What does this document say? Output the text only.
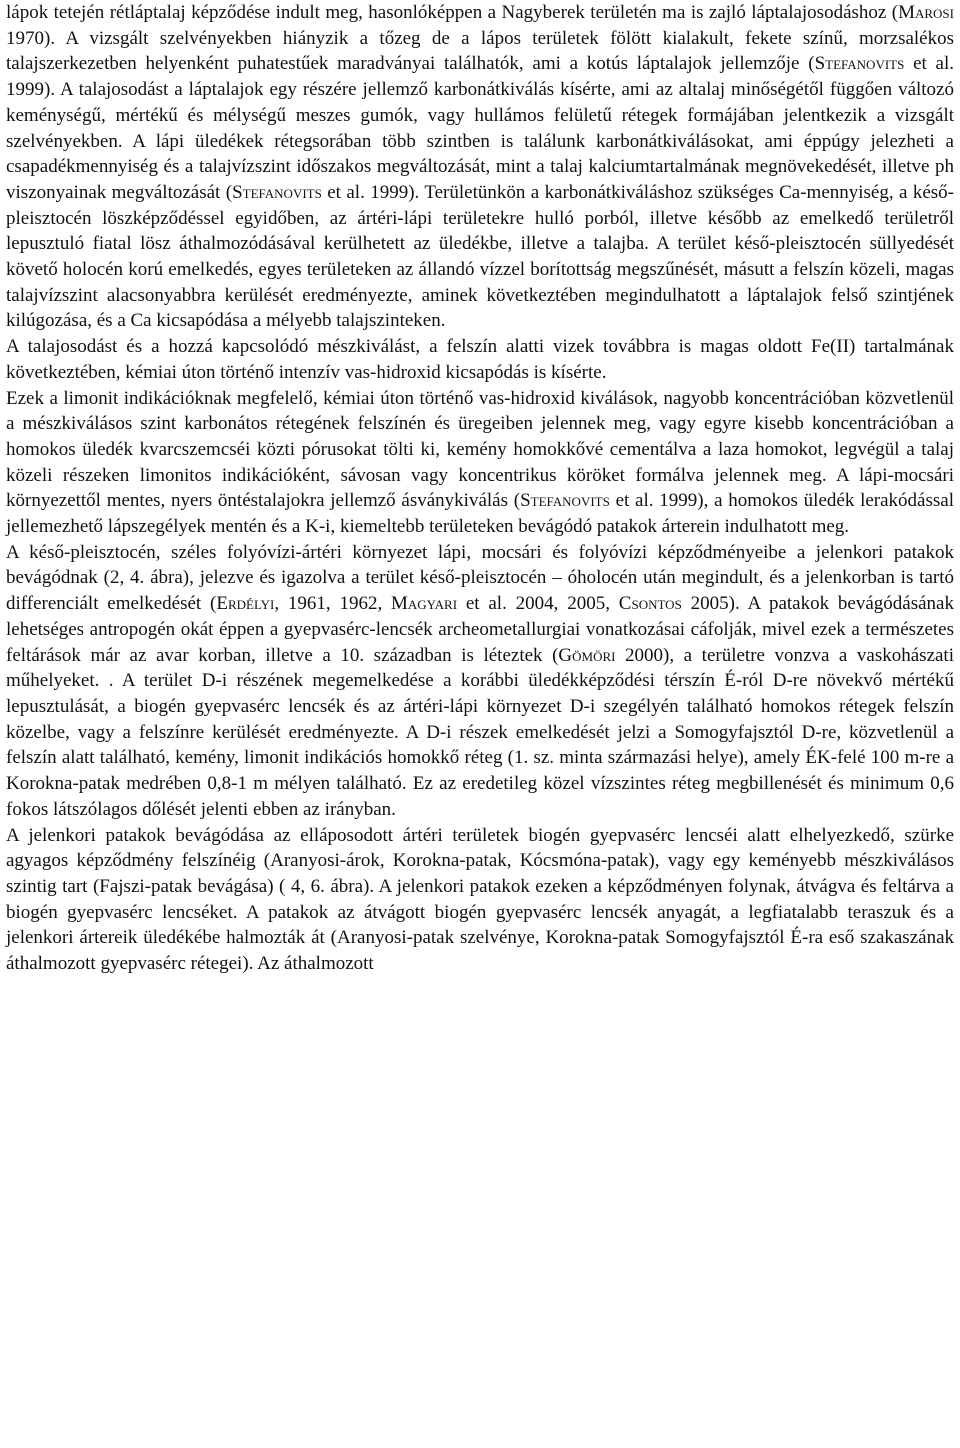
lápok tetején rétláptalaj képződése indult meg, hasonlóképpen a Nagyberek területén ma is zajló láptalajosodáshoz (Marosi 1970). A vizsgált szelvényekben hiányzik a tőzeg de a lápos területek fölött kialakult, fekete színű, morzsalékos talajszerkezetben helyenként puhatestűek maradványai találhatók, ami a kotús láptalajok jellemzője (Stefanovits et al. 1999). A talajosodást a láptalajok egy részére jellemző karbonátkiválás kísérte, ami az altalaj minőségétől függően változó keménységű, mértékű és mélységű meszes gumók, vagy hullámos felületű rétegek formájában jelentkezik a vizsgált szelvényekben. A lápi üledékek rétegsorában több szintben is találunk karbonátkiválásokat, ami éppúgy jelezheti a csapadékmennyiség és a talajvízszint időszakos megváltozását, mint a talaj kalciumtartalmának megnövekedését, illetve ph viszonyainak megváltozását (Stefanovits et al. 1999). Területünkön a karbonátkiváláshoz szükséges Ca-mennyiség, a késő-pleisztocén löszképződéssel egyidőben, az ártéri-lápi területekre hulló porból, illetve később az emelkedő területről lepusztuló fiatal lösz áthalmozódásával kerülhetett az üledékbe, illetve a talajba. A terület késő-pleisztocén süllyedését követő holocén korú emelkedés, egyes területeken az állandó vízzel borítottság megszűnését, másutt a felszín közeli, magas talajvízszint alacsonyabbra kerülését eredményezte, aminek következtében megindulhatott a láptalajok felső szintjének kilúgozása, és a Ca kicsapódása a mélyebb talajszinteken.

A talajosodást és a hozzá kapcsolódó mészkiválást, a felszín alatti vizek továbbra is magas oldott Fe(II) tartalmának következtében, kémiai úton történő intenzív vas-hidroxid kicsapódás is kísérte.

Ezek a limonit indikációknak megfelelő, kémiai úton történő vas-hidroxid kiválások, nagyobb koncentrációban közvetlenül a mészkiválásos szint karbonátos rétegének felszínén és üregeiben jelennek meg, vagy egyre kisebb koncentrációban a homokos üledék kvarcszemcséi közti pórusokat tölti ki, kemény homokkővé cementálva a laza homokot, legvégül a talaj közeli részeken limonitos indikációként, sávosan vagy koncentrikus köröket formálva jelennek meg. A lápi-mocsári környezettől mentes, nyers öntéstalajokra jellemző ásványkiválás (Stefanovits et al. 1999), a homokos üledék lerakódással jellemezhető lápszegélyek mentén és a K-i, kiemeltebb területeken bevágódó patakok árterein indulhatott meg.

A késő-pleisztocén, széles folyóvízi-ártéri környezet lápi, mocsári és folyóvízi képződményeibe a jelenkori patakok bevágódnak (2, 4. ábra), jelezve és igazolva a terület késő-pleisztocén – óholocén után megindult, és a jelenkorban is tartó differenciált emelkedését (Erdélyi, 1961, 1962, Magyari et al. 2004, 2005, Csontos 2005). A patakok bevágódásának lehetséges antropogén okát éppen a gyepvasérc-lencsék archeometallurgiai vonatkozásai cáfolják, mivel ezek a természetes feltárások már az avar korban, illetve a 10. században is léteztek (Gömöri 2000), a területre vonzva a vaskohászati műhelyeket. . A terület D-i részének megemelkedése a korábbi üledékképződési térszín É-ról D-re növekvő mértékű lepusztulását, a biogén gyepvasérc lencsék és az ártéri-lápi környezet D-i szegélyén található homokos rétegek felszín közelbe, vagy a felszínre kerülését eredményezte. A D-i részek emelkedését jelzi a Somogyfajsztól D-re, közvetlenül a felszín alatt található, kemény, limonit indikációs homokkő réteg (1. sz. minta származási helye), amely ÉK-felé 100 m-re a Korokna-patak medrében 0,8-1 m mélyen található. Ez az eredetileg közel vízszintes réteg megbillenését és minimum 0,6 fokos látszólagos dőlését jelenti ebben az irányban.

A jelenkori patakok bevágódása az elláposodott ártéri területek biogén gyepvasérc lencséi alatt elhelyezkedő, szürke agyagos képződmény felszínéig (Aranyosi-árok, Korokna-patak, Kócsmóna-patak), vagy egy keményebb mészkiválásos szintig tart (Fajszi-patak bevágása) ( 4, 6. ábra). A jelenkori patakok ezeken a képződményen folynak, átvágva és feltárva a biogén gyepvasérc lencséket. A patakok az átvágott biogén gyepvasérc lencsék anyagát, a legfiatalabb teraszuk és a jelenkori ártereik üledékébe halmozták át (Aranyosi-patak szelvénye, Korokna-patak Somogyfajsztól É-ra eső szakaszának áthalmozott gyepvasérc rétegei). Az áthalmozott
